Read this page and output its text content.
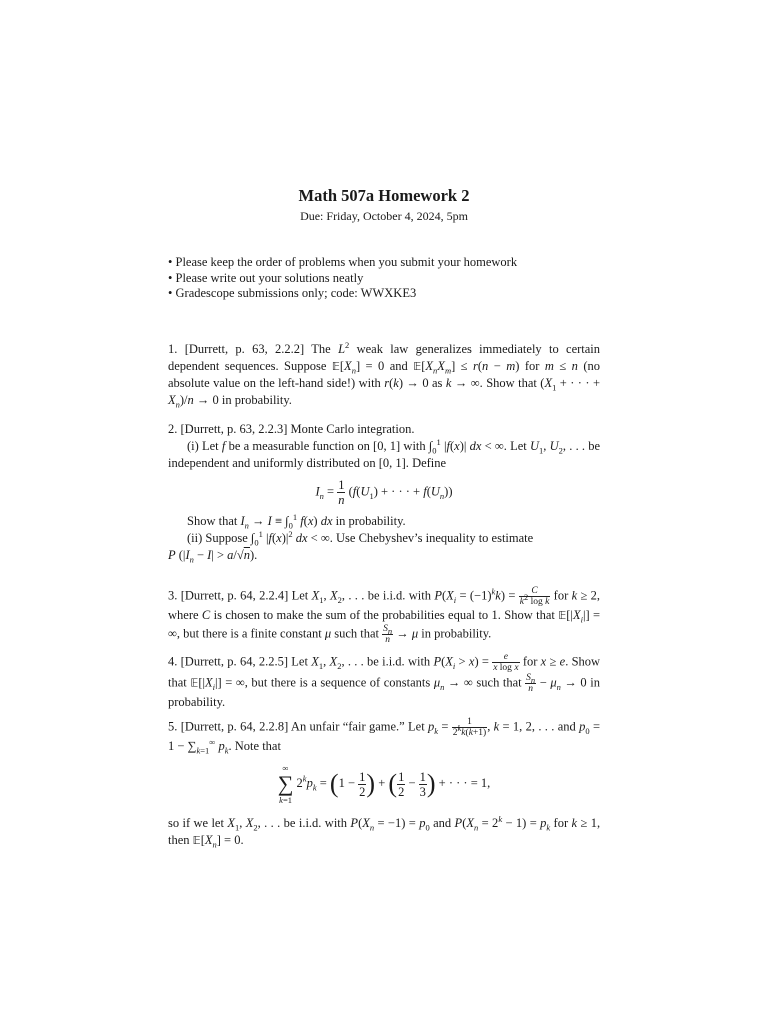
Math 507a Homework 2
Due: Friday, October 4, 2024, 5pm
• Please keep the order of problems when you submit your homework
• Please write out your solutions neatly
• Gradescope submissions only; code: WWXKE3

1. [Durrett, p. 63, 2.2.2] The $L^2$ weak law generalizes immediately to certain dependent sequences. Suppose $𝔼[X_n] = 0$ and $𝔼[X_nX_m] \le r(n - m)$ for m ≤ n (no absolute value on the left-hand side!) with r(k) → 0 as k → ∞. Show that ($X_1$ + · · · + $X_n)/n \to 0$ in probability.

2. [Durrett, p. 63, 2.2.3] Monte Carlo integration.

(i) Let f be a measurable function on [0, 1] with $\int_0^1$ |f(x)| dx < ∞. Let $U_1$, $U_2$, . . . be independent and uniformly distributed on [0, 1]. Define

$I_n = \frac{1}{n} (f(U_1)$ + · · · + $f(U_n)$)

Show that $I_n \to I \equiv \int_0^1$ f(x) dx in probability.

(ii) Suppose $\int_0^1$ $|f(x)|^2$ dx < ∞. Use Chebyshev’s inequality to estimate

P $(|I_n - I| > a/√n)$.

3. [Durrett, p. 64, 2.2.4] Let $X_1$, $X_2$, . . . be i.i.d. with $P(X_i = (-1)^kk) = \frac{C}{k^2 \log k}$ for k ≥ 2, where C is chosen to make the sum of the probabilities equal to 1. Show that $𝔼[|X_i|]$ = ∞, but there is a finite constant μ such that $\frac{S_n}{n} \to \mu$ in probability.

4. [Durrett, p. 64, 2.2.5] Let $X_1$, $X_2$, . . . be i.i.d. with $P(X_i > x) = \frac{e}{\text{x log x}}$ for x ≥ e. Show that $𝔼[|X_i|]$ = ∞, but there is a sequence of constants $\mu_n$ → ∞ such that $\frac{S_n}{n} - \mu_n \to 0$ in probability.

5. [Durrett, p. 64, 2.2.8] An unfair “fair game.” Let $p_k = \frac{1}{2^kk(k+1)}$ , k = 1, 2, . . . and $p_0 = 1 - \sum_{k=1}^\infty$ $p_k$. Note that

∞
∑
k=1 $2^kp_k = (1 - \frac{1}{2}$ ) + ( $\frac{1}{2} - \frac{1}{3}$ ) + · · · = 1,

so if we let $X_1$, $X_2$, . . . be i.i.d. with $P(X_n = -1) = p_0$ and $P(X_n = 2^k - 1) = p_k$ for k ≥ 1, then $𝔼[X_n] = 0$.
